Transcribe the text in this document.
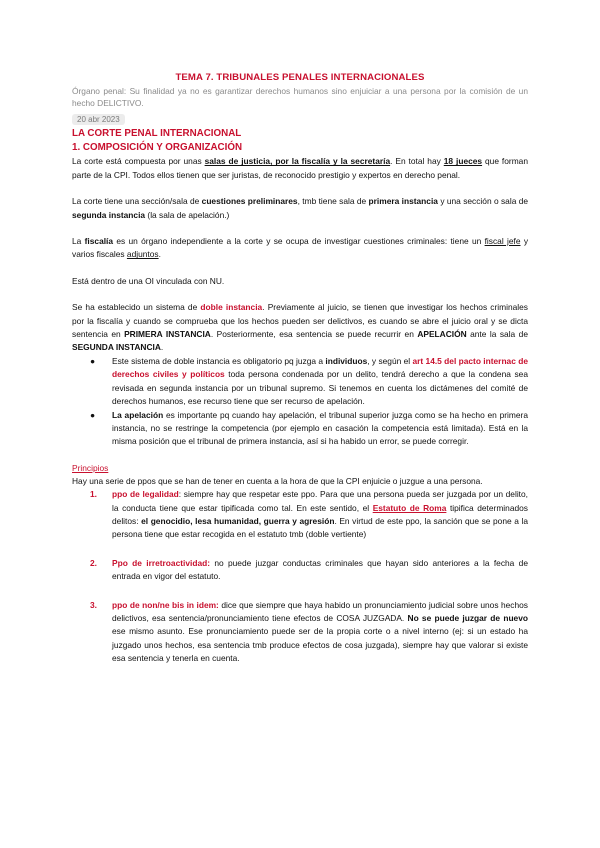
TEMA 7. TRIBUNALES PENALES INTERNACIONALES

Órgano penal: Su finalidad ya no es garantizar derechos humanos sino enjuiciar a una persona por la comisión de un hecho DELICTIVO.

20 abr 2023
LA CORTE PENAL INTERNACIONAL
1. COMPOSICIÓN Y ORGANIZACIÓN

La corte está compuesta por unas salas de justicia, por la fiscalía y la secretaría. En total hay 18 jueces que forman parte de la CPI. Todos ellos tienen que ser juristas, de reconocido prestigio y expertos en derecho penal.

La corte tiene una sección/sala de cuestiones preliminares, tmb tiene sala de primera instancia y una sección o sala de segunda instancia (la sala de apelación.)

La fiscalía es un órgano independiente a la corte y se ocupa de investigar cuestiones criminales: tiene un fiscal jefe y varios fiscales adjuntos.

Está dentro de una OI vinculada con NU.

Se ha establecido un sistema de doble instancia. Previamente al juicio, se tienen que investigar los hechos criminales por la fiscalía y cuando se comprueba que los hechos pueden ser delictivos, es cuando se abre el juicio oral y se dicta sentencia en PRIMERA INSTANCIA. Posteriormente, esa sentencia se puede recurrir en APELACIÓN ante la sala de SEGUNDA INSTANCIA.

● Este sistema de doble instancia es obligatorio pq juzga a individuos, y según el art 14.5 del pacto internac de derechos civiles y políticos toda persona condenada por un delito, tendrá derecho a que la condena sea revisada en segunda instancia por un tribunal supremo. Si tenemos en cuenta los dictámenes del comité de derechos humanos, ese recurso tiene que ser recurso de apelación.
● La apelación es importante pq cuando hay apelación, el tribunal superior juzga como se ha hecho en primera instancia, no se restringe la competencia (por ejemplo en casación la competencia está limitada). Está en la misma posición que el tribunal de primera instancia, así si ha habido un error, se puede corregir.
Principios

Hay una serie de ppos que se han de tener en cuenta a la hora de que la CPI enjuicie o juzgue a una persona.

1. ppo de legalidad: siempre hay que respetar este ppo. Para que una persona pueda ser juzgada por un delito, la conducta tiene que estar tipificada como tal. En este sentido, el Estatuto de Roma tipifica determinados delitos: el genocidio, lesa humanidad, guerra y agresión. En virtud de este ppo, la sanción que se pone a la persona tiene que estar recogida en el estatuto tmb (doble vertiente)
2. Ppo de irretroactividad: no puede juzgar conductas criminales que hayan sido anteriores a la fecha de entrada en vigor del estatuto.
3. ppo de non/ne bis in idem: dice que siempre que haya habido un pronunciamiento judicial sobre unos hechos delictivos, esa sentencia/pronunciamiento tiene efectos de COSA JUZGADA. No se puede juzgar de nuevo ese mismo asunto. Ese pronunciamiento puede ser de la propia corte o a nivel interno (ej: si un estado ha juzgado unos hechos, esa sentencia tmb produce efectos de cosa juzgada), siempre hay que valorar si existe esa sentencia y tenerla en cuenta.
